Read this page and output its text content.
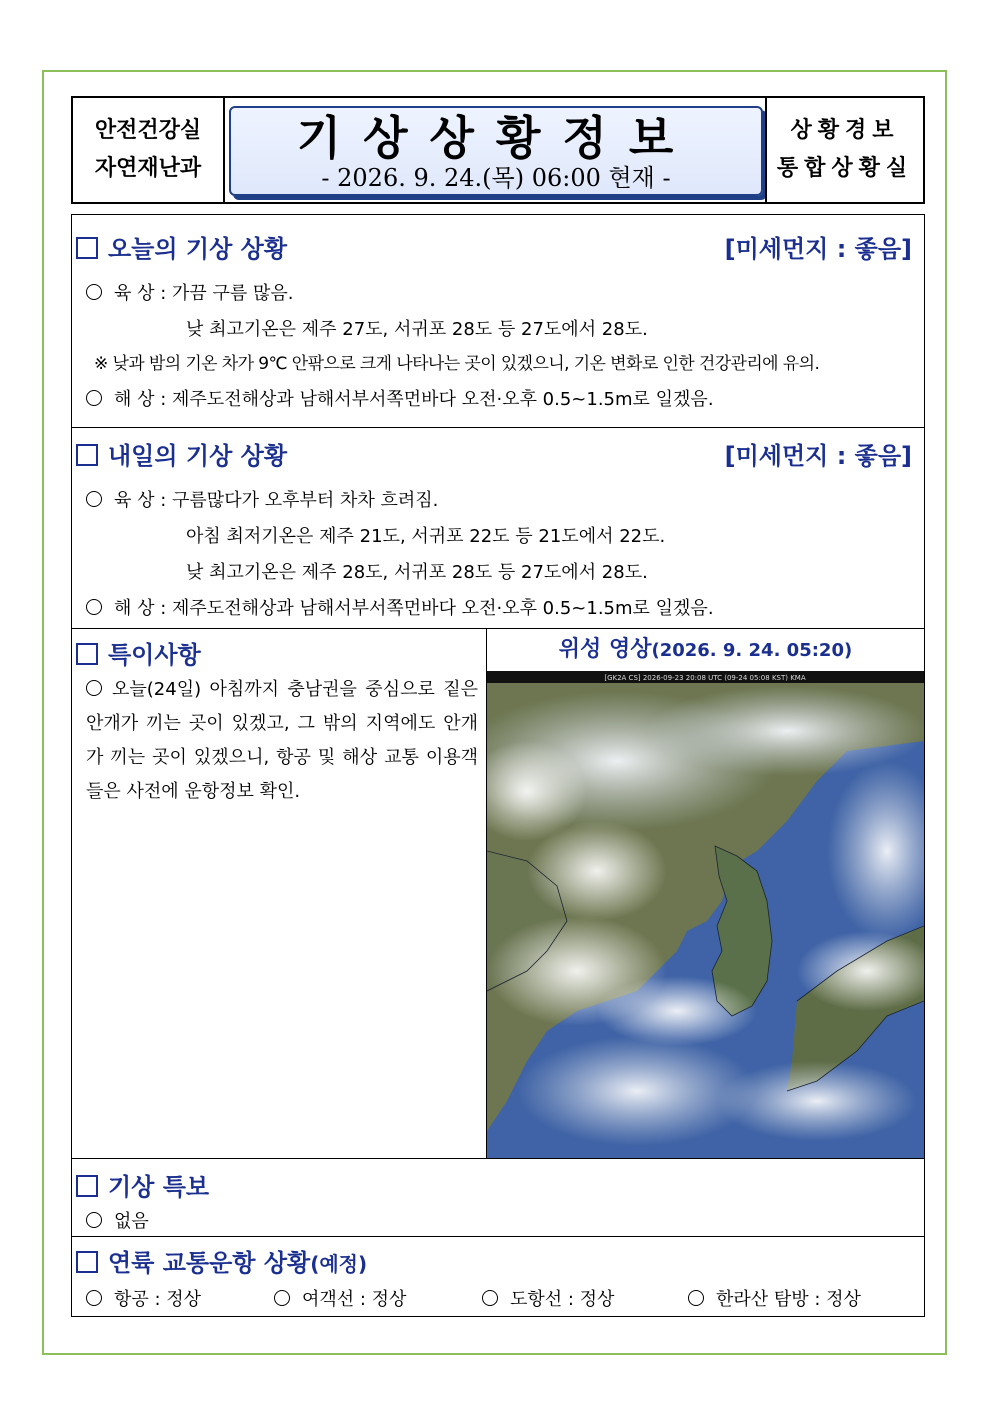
안전건강실
자연재난과
기상상황정보
- 2026. 9. 24.(목) 06:00 현재 -
상황경보
통합상황실
오늘의 기상 상황	[미세먼지 : 좋음]
육 상 : 가끔 구름 많음.
낮 최고기온은 제주 27도, 서귀포 28도 등 27도에서 28도.
※ 낮과 밤의 기온 차가 9℃ 안팎으로 크게 나타나는 곳이 있겠으니, 기온 변화로 인한 건강관리에 유의.
해 상 : 제주도전해상과 남해서부서쪽먼바다 오전·오후 0.5~1.5m로 일겠음.
내일의 기상 상황	[미세먼지 : 좋음]
육 상 : 구름많다가 오후부터 차차 흐려짐.
아침 최저기온은 제주 21도, 서귀포 22도 등 21도에서 22도.
낮 최고기온은 제주 28도, 서귀포 28도 등 27도에서 28도.
해 상 : 제주도전해상과 남해서부서쪽먼바다 오전·오후 0.5~1.5m로 일겠음.
특이사항
오늘(24일) 아침까지 충남권을 중심으로 짙은 안개가 끼는 곳이 있겠고, 그 밖의 지역에도 안개가 끼는 곳이 있겠으니, 항공 및 해상 교통 이용객들은 사전에 운항정보 확인.
위성 영상(2026. 9. 24. 05:20)
[GK2A CS] 2026-09-23 20:08 UTC (09-24 05:08 KST) KMA
기상 특보
없음
연륙 교통운항 상황(예정)
항공 : 정상	여객선 : 정상	도항선 : 정상	한라산 탐방 : 정상
